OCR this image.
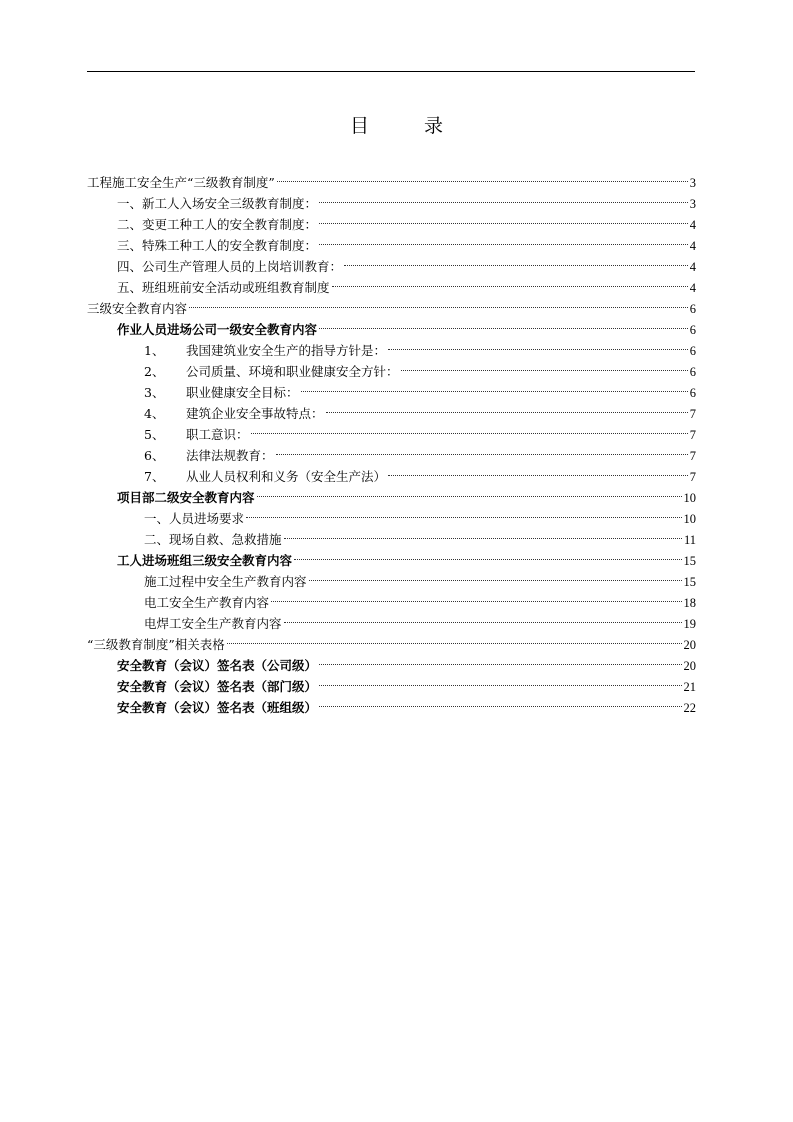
目　录
工程施工安全生产“三级教育制度”	3
一、新工人入场安全三级教育制度：	3
二、变更工种工人的安全教育制度：	4
三、特殊工种工人的安全教育制度：	4
四、公司生产管理人员的上岗培训教育：	4
五、班组班前安全活动或班组教育制度	4
三级安全教育内容	6
作业人员进场公司一级安全教育内容	6
1、	我国建筑业安全生产的指导方针是：	6
2、	公司质量、环境和职业健康安全方针：	6
3、	职业健康安全目标：	6
4、	建筑企业安全事故特点：	7
5、	职工意识：	7
6、	法律法规教育：	7
7、	从业人员权利和义务（安全生产法）	7
项目部二级安全教育内容	10
一、人员进场要求	10
二、现场自救、急救措施	11
工人进场班组三级安全教育内容	15
施工过程中安全生产教育内容	15
电工安全生产教育内容	18
电焊工安全生产教育内容	19
“三级教育制度”相关表格	20
安全教育（会议）签名表（公司级）	20
安全教育（会议）签名表（部门级）	21
安全教育（会议）签名表（班组级）	22
